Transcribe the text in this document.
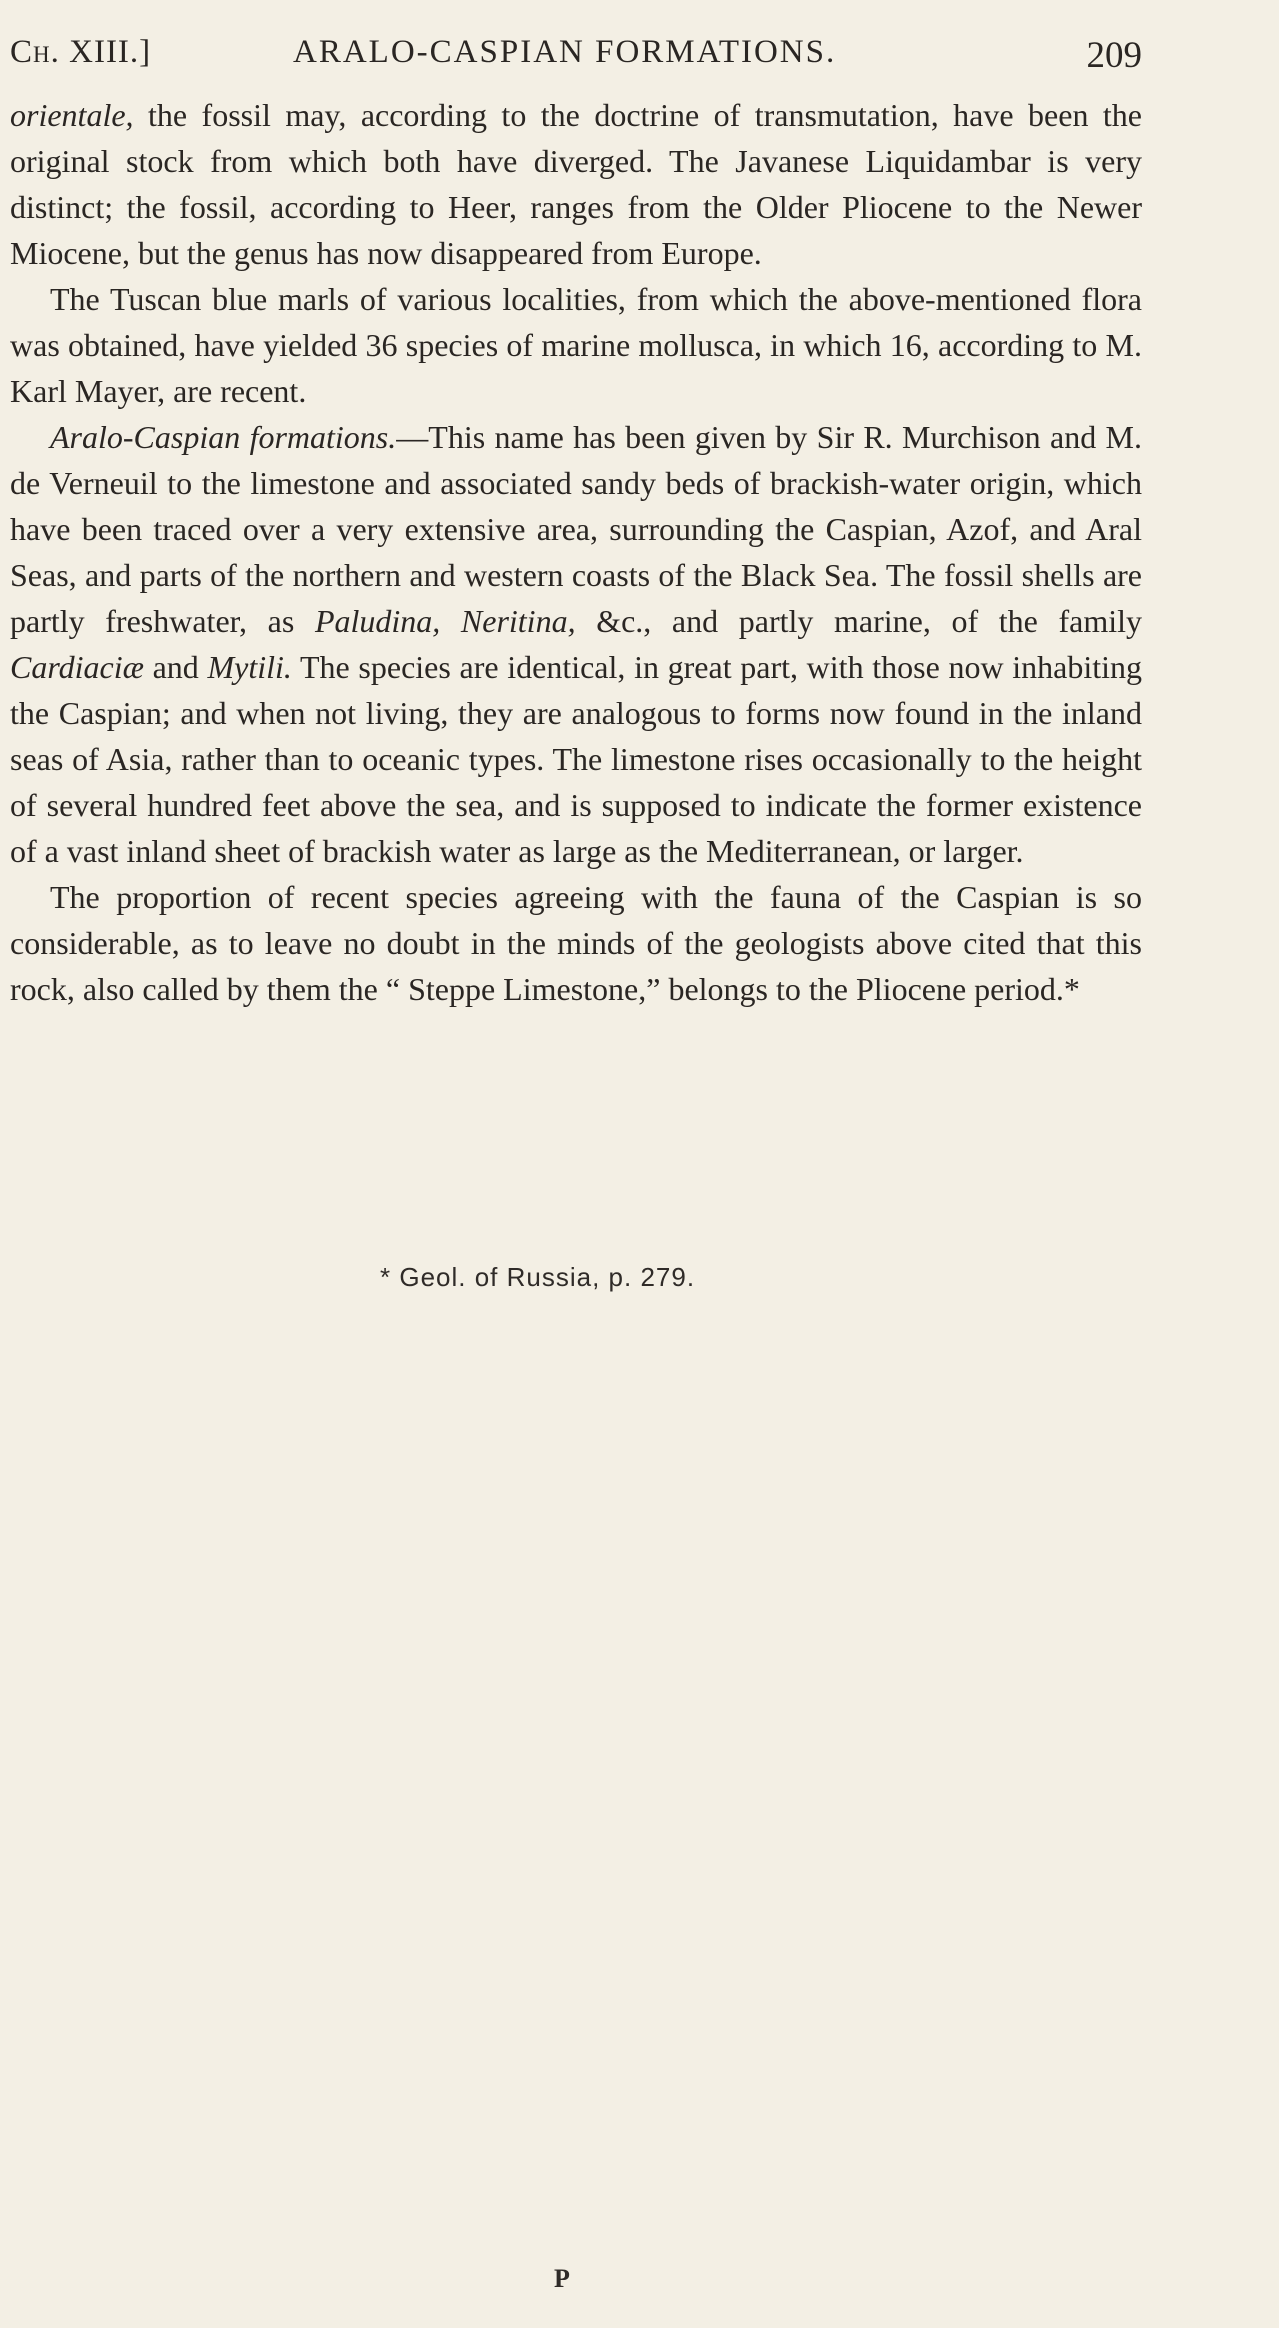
Ch. XIII.]	ARALO-CASPIAN FORMATIONS.	209

orientale, the fossil may, according to the doctrine of transmutation, have been the original stock from which both have diverged. The Javanese Liquidambar is very distinct; the fossil, according to Heer, ranges from the Older Pliocene to the Newer Miocene, but the genus has now disappeared from Europe.

The Tuscan blue marls of various localities, from which the above-mentioned flora was obtained, have yielded 36 species of marine mollusca, in which 16, according to M. Karl Mayer, are recent.

Aralo-Caspian formations.—This name has been given by Sir R. Murchison and M. de Verneuil to the limestone and associated sandy beds of brackish-water origin, which have been traced over a very extensive area, surrounding the Caspian, Azof, and Aral Seas, and parts of the northern and western coasts of the Black Sea. The fossil shells are partly freshwater, as Paludina, Neritina, &c., and partly marine, of the family Cardiaciæ and Mytili. The species are identical, in great part, with those now inhabiting the Caspian; and when not living, they are analogous to forms now found in the inland seas of Asia, rather than to oceanic types. The limestone rises occasionally to the height of several hundred feet above the sea, and is supposed to indicate the former existence of a vast inland sheet of brackish water as large as the Mediterranean, or larger.

The proportion of recent species agreeing with the fauna of the Caspian is so considerable, as to leave no doubt in the minds of the geologists above cited that this rock, also called by them the “ Steppe Limestone,” belongs to the Pliocene period.*

* Geol. of Russia, p. 279.
P
